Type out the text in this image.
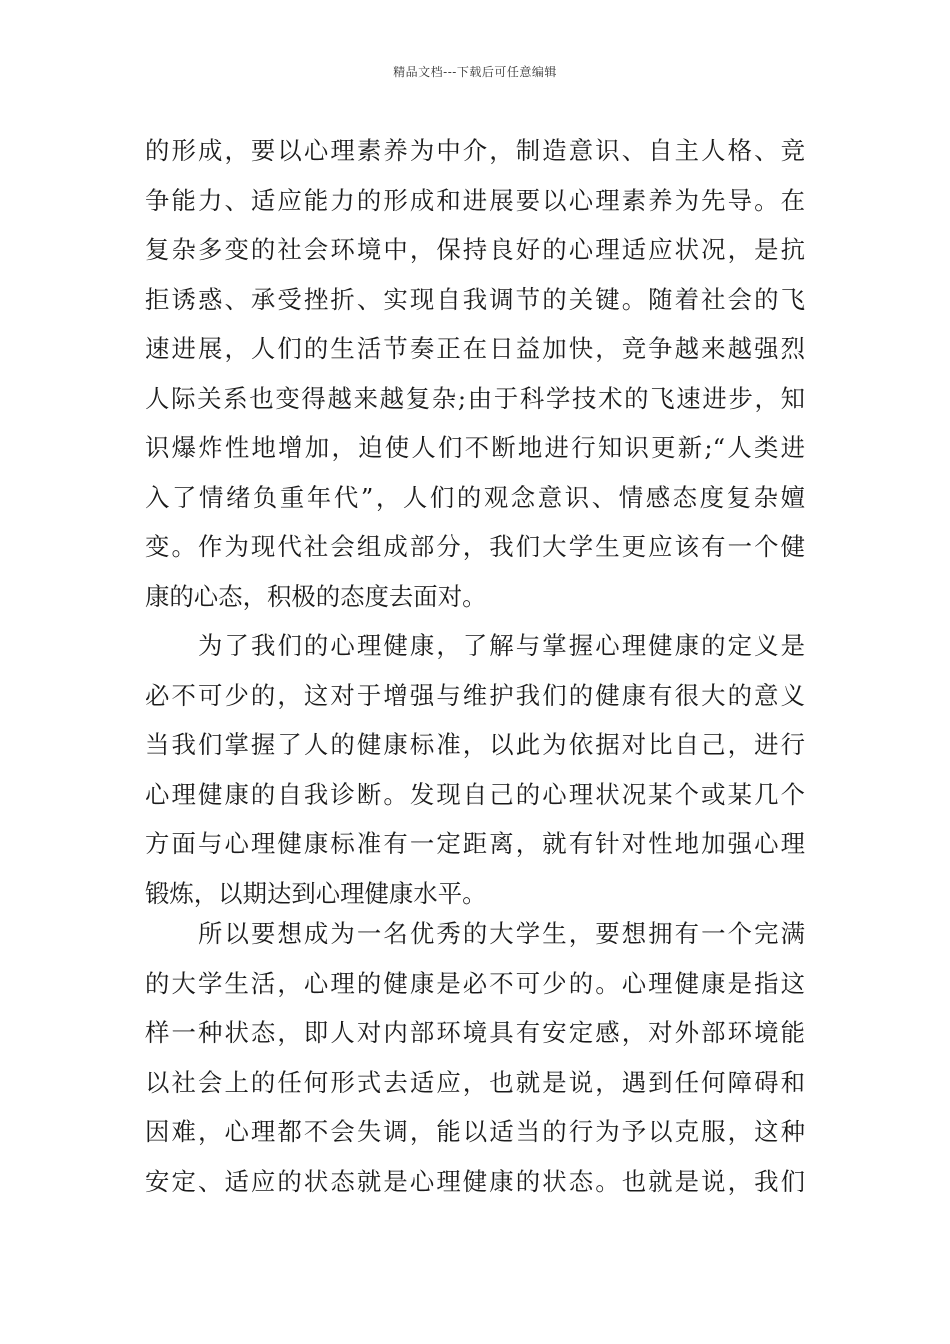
精品文档---下载后可任意编辑
的形成，要以心理素养为中介，制造意识、自主人格、竞
争能力、适应能力的形成和进展要以心理素养为先导。在
复杂多变的社会环境中，保持良好的心理适应状况，是抗
拒诱惑、承受挫折、实现自我调节的关键。随着社会的飞
速进展，人们的生活节奏正在日益加快，竞争越来越强烈
人际关系也变得越来越复杂;由于科学技术的飞速进步，知
识爆炸性地增加，迫使人们不断地进行知识更新;“人类进
入了情绪负重年代”，人们的观念意识、情感态度复杂嬗
变。作为现代社会组成部分，我们大学生更应该有一个健
康的心态，积极的态度去面对。
为了我们的心理健康，了解与掌握心理健康的定义是
必不可少的，这对于增强与维护我们的健康有很大的意义
当我们掌握了人的健康标准，以此为依据对比自己，进行
心理健康的自我诊断。发现自己的心理状况某个或某几个
方面与心理健康标准有一定距离，就有针对性地加强心理
锻炼，以期达到心理健康水平。
所以要想成为一名优秀的大学生，要想拥有一个完满
的大学生活，心理的健康是必不可少的。心理健康是指这
样一种状态，即人对内部环境具有安定感，对外部环境能
以社会上的任何形式去适应，也就是说，遇到任何障碍和
因难，心理都不会失调，能以适当的行为予以克服，这种
安定、适应的状态就是心理健康的状态。也就是说，我们
